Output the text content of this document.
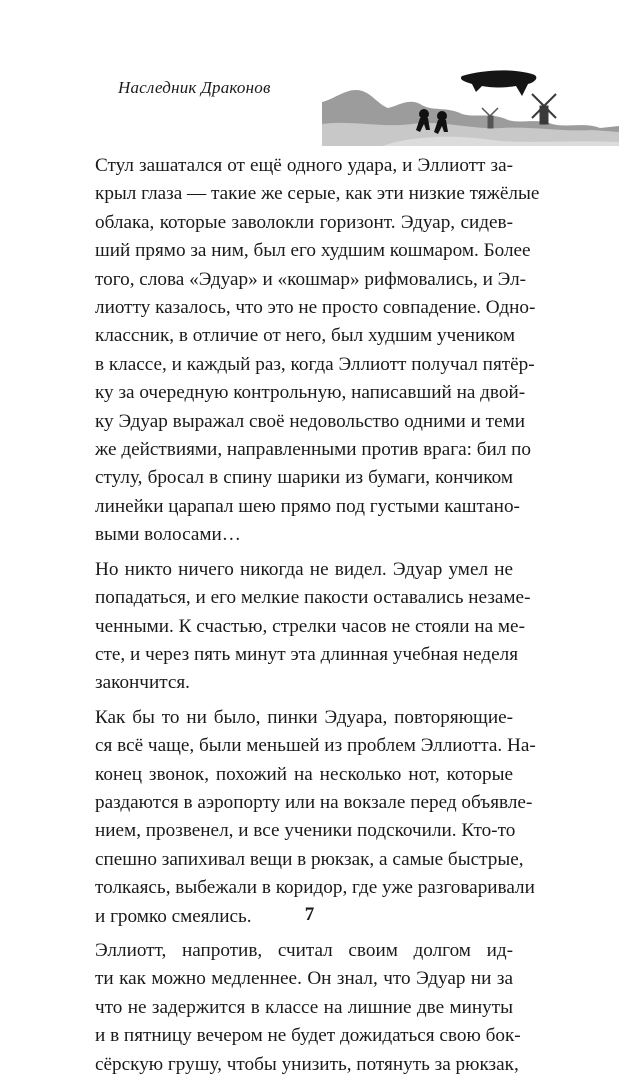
Наследник Драконов

Стул зашатался от ещё одного удара, и Эллиотт за-
крыл глаза — такие же серые, как эти низкие тяжёлые
облака, которые заволокли горизонт. Эдуар, сидев-
ший прямо за ним, был его худшим кошмаром. Более
того, слова «Эдуар» и «кошмар» рифмовались, и Эл-
лиотту казалось, что это не просто совпадение. Одно-
классник, в отличие от него, был худшим учеником
в классе, и каждый раз, когда Эллиотт получал пятёр-
ку за очередную контрольную, написавший на двой-
ку Эдуар выражал своё недовольство одними и теми
же действиями, направленными против врага: бил по
стулу, бросал в спину шарики из бумаги, кончиком
линейки царапал шею прямо под густыми каштано-
выми волосами…

Но никто ничего никогда не видел. Эдуар умел не
попадаться, и его мелкие пакости оставались незаме-
ченными. К счастью, стрелки часов не стояли на ме-
сте, и через пять минут эта длинная учебная неделя
закончится.

Как бы то ни было, пинки Эдуара, повторяющие-
ся всё чаще, были меньшей из проблем Эллиотта. На-
конец звонок, похожий на несколько нот, которые
раздаются в аэропорту или на вокзале перед объявле-
нием, прозвенел, и все ученики подскочили. Кто-то
спешно запихивал вещи в рюкзак, а самые быстрые,
толкаясь, выбежали в коридор, где уже разговаривали
и громко смеялись.

Эллиотт, напротив, считал своим долгом ид-
ти как можно медленнее. Он знал, что Эдуар ни за
что не задержится в классе на лишние две минуты
и в пятницу вечером не будет дожидаться свою бок-
сёрскую грушу, чтобы унизить, потянуть за рюкзак,

7
